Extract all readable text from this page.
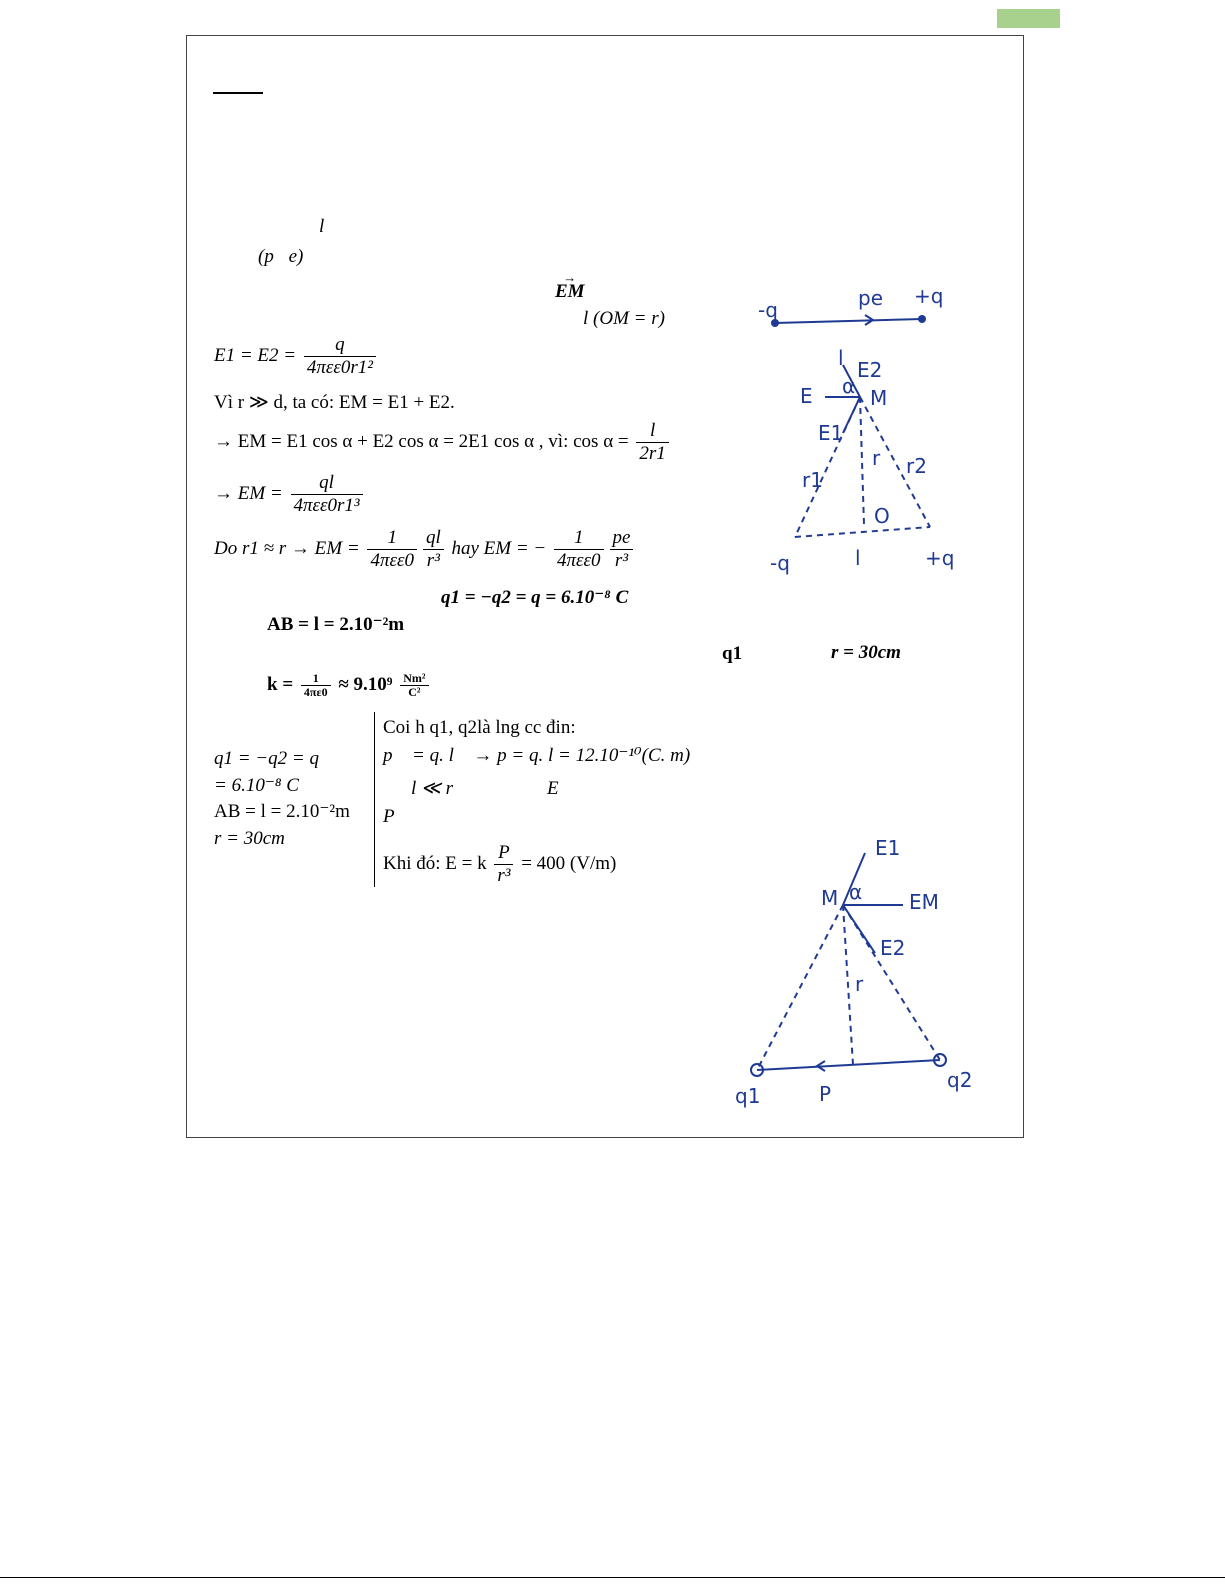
l
(p⃗e)
→ EM
l (OM = r)
$E1 = E2 = \frac{q}{\text{4πεε0r1²}}$
Vì r ≫ d, ta có: EM = E1 + E2.
→ EM = E1 cos α + E2 cos α = 2E1 cos α , vì: $\cos \alpha = \frac{l}{2r1}$
→ EM = $\frac{ql}{\text{4πεε0r1³}}$
Do r1 ≈ r → EM = $\frac{1}{\text{4πεε0}} \frac{ql}{\text{r³}}$ hay EM = − $\frac{1}{\text{4πεε0}} \frac{pe}{\text{r³}}$
q1 = −q2 = q = 6.10⁻⁸ C
AB = l = 2.10⁻²m
q1	r = 30cm
$k = \frac{1}{4\pi\varepsilon 0} \approx 9.10^9 \frac{\text{Nm²}}{\text{C²}}$
q1 = −q2 = q
= 6.10⁻⁸ C
AB = l = 2.10⁻²m
r = 30cm
Coi h q1, q2là lng cc đin:
p⃗ = q. l⃗ → p = q. l = 12.10⁻¹⁰(C. m)
l ≪ r	E⃗
P⃗
Khi đó: E = k $\frac{P}{\text{r³}} = 400$ (V/m)
-q
+q
pe
l E2
E	M
α
E1
r1
r r2
O
-q	l	+q
E1
M α EM
E2
r
q1	P
q2
